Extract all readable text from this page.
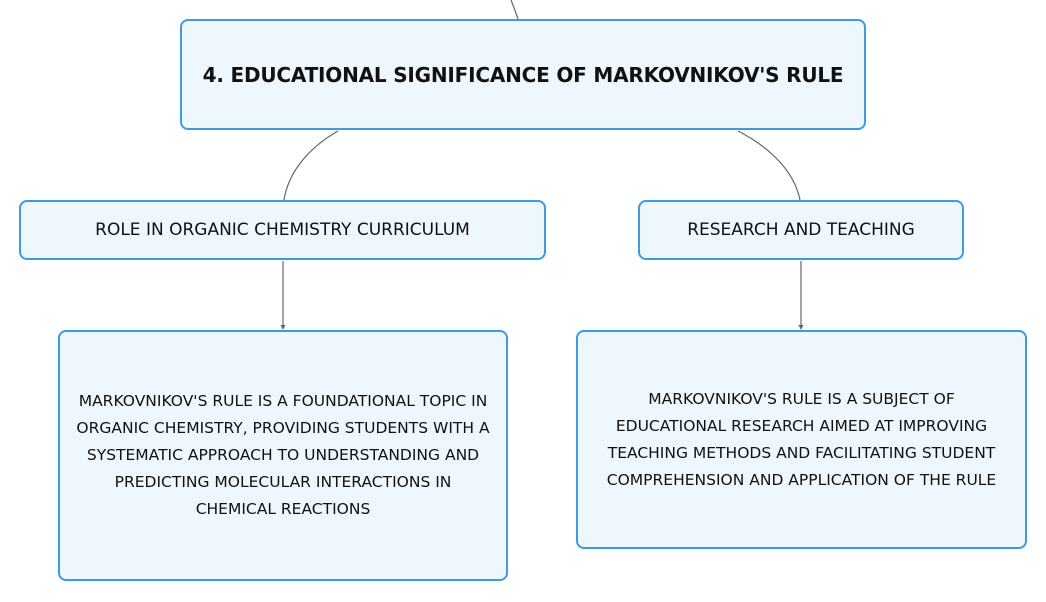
4. EDUCATIONAL SIGNIFICANCE OF MARKOVNIKOV'S RULE
ROLE IN ORGANIC CHEMISTRY CURRICULUM	RESEARCH AND TEACHING
MARKOVNIKOV'S RULE IS A FOUNDATIONAL TOPIC IN ORGANIC CHEMISTRY, PROVIDING STUDENTS WITH A SYSTEMATIC APPROACH TO UNDERSTANDING AND PREDICTING MOLECULAR INTERACTIONS IN CHEMICAL REACTIONS
MARKOVNIKOV'S RULE IS A SUBJECT OF EDUCATIONAL RESEARCH AIMED AT IMPROVING TEACHING METHODS AND FACILITATING STUDENT COMPREHENSION AND APPLICATION OF THE RULE
